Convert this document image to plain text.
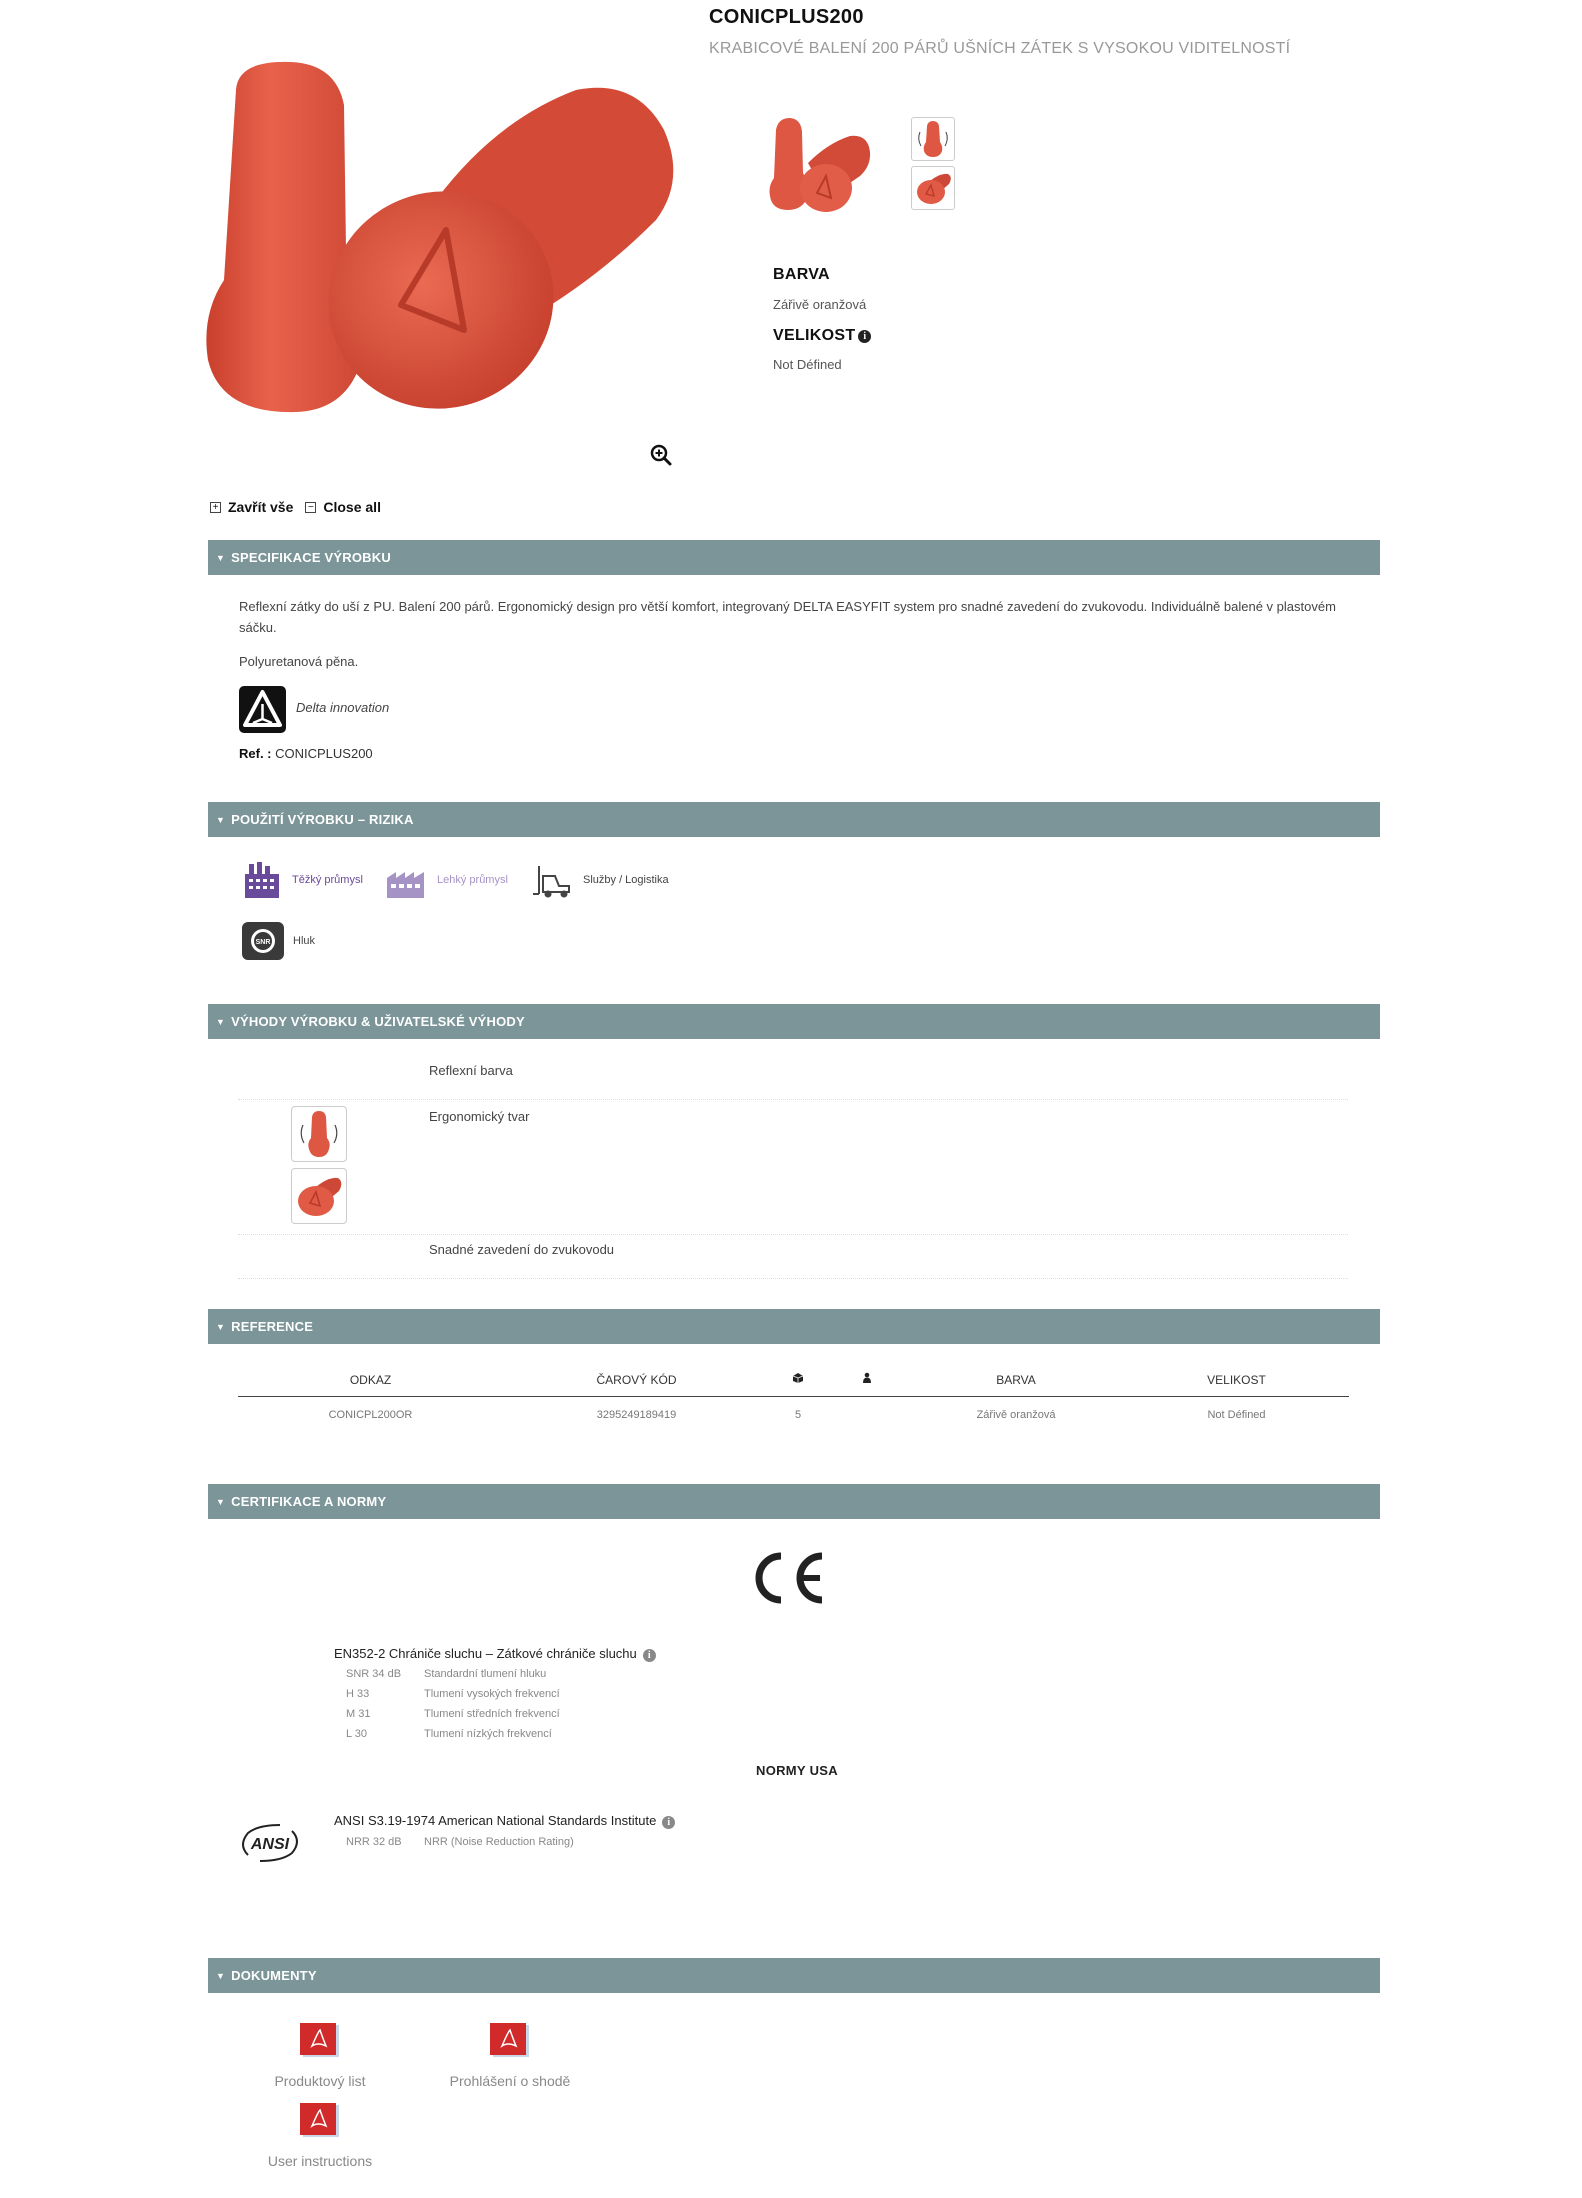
CONICPLUS200
KRABICOVÉ BALENÍ 200 PÁRŮ UŠNÍCH ZÁTEK S VYSOKOU VIDITELNOSTÍ
BARVA
Zářivě oranžová
VELIKOST i
Not Défined
+ Zavřít vše − Close all
▼ SPECIFIKACE VÝROBKU
Reflexní zátky do uší z PU. Balení 200 párů. Ergonomický design pro větší komfort, integrovaný DELTA EASYFIT system pro snadné zavedení do zvukovodu. Individuálně balené v plastovém sáčku.
Polyuretanová pěna.
Delta innovation
Ref. : CONICPLUS200
▼ POUŽITÍ VÝROBKU – RIZIKA
Těžký průmysl	Lehký průmysl	Služby / Logistika
SNR Hluk
▼ VÝHODY VÝROBKU & UŽIVATELSKÉ VÝHODY
Reflexní barva
Ergonomický tvar
Snadné zavedení do zvukovodu
▼ REFERENCE
ODKAZ	ČAROVÝ KÓD			BARVA	VELIKOST
CONICPL200OR	3295249189419	5		Zářivě oranžová	Not Défined
▼ CERTIFIKACE A NORMY
EN352-2 Chrániče sluchu – Zátkové chrániče sluchu i
SNR 34 dB Standardní tlumení hluku
H 33	Tlumení vysokých frekvencí
M 31	Tlumení středních frekvencí
L 30	Tlumení nízkých frekvencí
NORMY USA
ANSI
ANSI S3.19-1974 American National Standards Institute i
NRR 32 dB NRR (Noise Reduction Rating)
▼ DOKUMENTY
Produktový list	Prohlášení o shodě
User instructions
